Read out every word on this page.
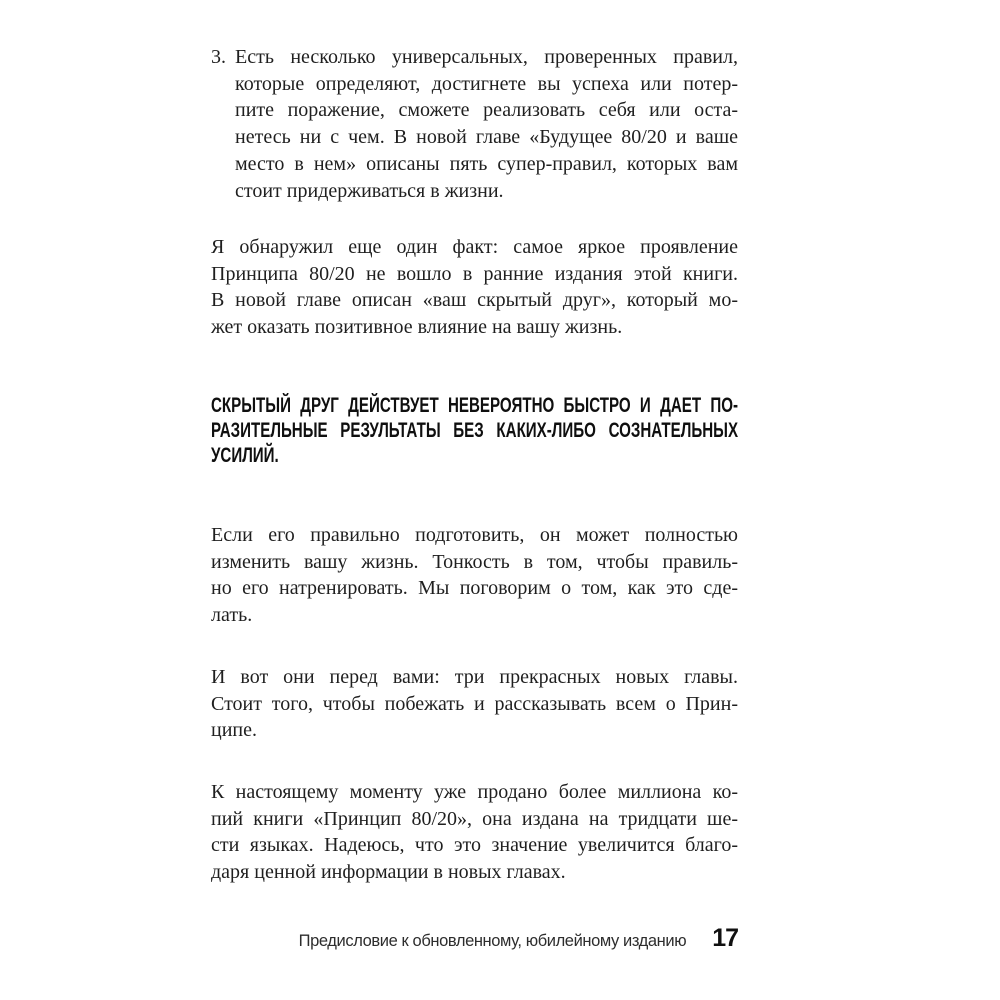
3. Есть несколько универсальных, проверенных правил,
которые определяют, достигнете вы успеха или потер-
пите поражение, сможете реализовать себя или оста-
нетесь ни с чем. В новой главе «Будущее 80/20 и ваше
место в нем» описаны пять супер-правил, которых вам
стоит придерживаться в жизни.
Я обнаружил еще один факт: самое яркое проявление
Принципа 80/20 не вошло в ранние издания этой книги.
В новой главе описан «ваш скрытый друг», который мо-
жет оказать позитивное влияние на вашу жизнь.
СКРЫТЫЙ ДРУГ ДЕЙСТВУЕТ НЕВЕРОЯТНО БЫСТРО И ДАЕТ ПО-
РАЗИТЕЛЬНЫЕ РЕЗУЛЬТАТЫ БЕЗ КАКИХ-ЛИБО СОЗНАТЕЛЬНЫХ
УСИЛИЙ.
Если его правильно подготовить, он может полностью
изменить вашу жизнь. Тонкость в том, чтобы правиль-
но его натренировать. Мы поговорим о том, как это сде-
лать.
И вот они перед вами: три прекрасных новых главы.
Стоит того, чтобы побежать и рассказывать всем о Прин-
ципе.
К настоящему моменту уже продано более миллиона ко-
пий книги «Принцип 80/20», она издана на тридцати ше-
сти языках. Надеюсь, что это значение увеличится благо-
даря ценной информации в новых главах.
Предисловие к обновленному, юбилейному изданию 17
